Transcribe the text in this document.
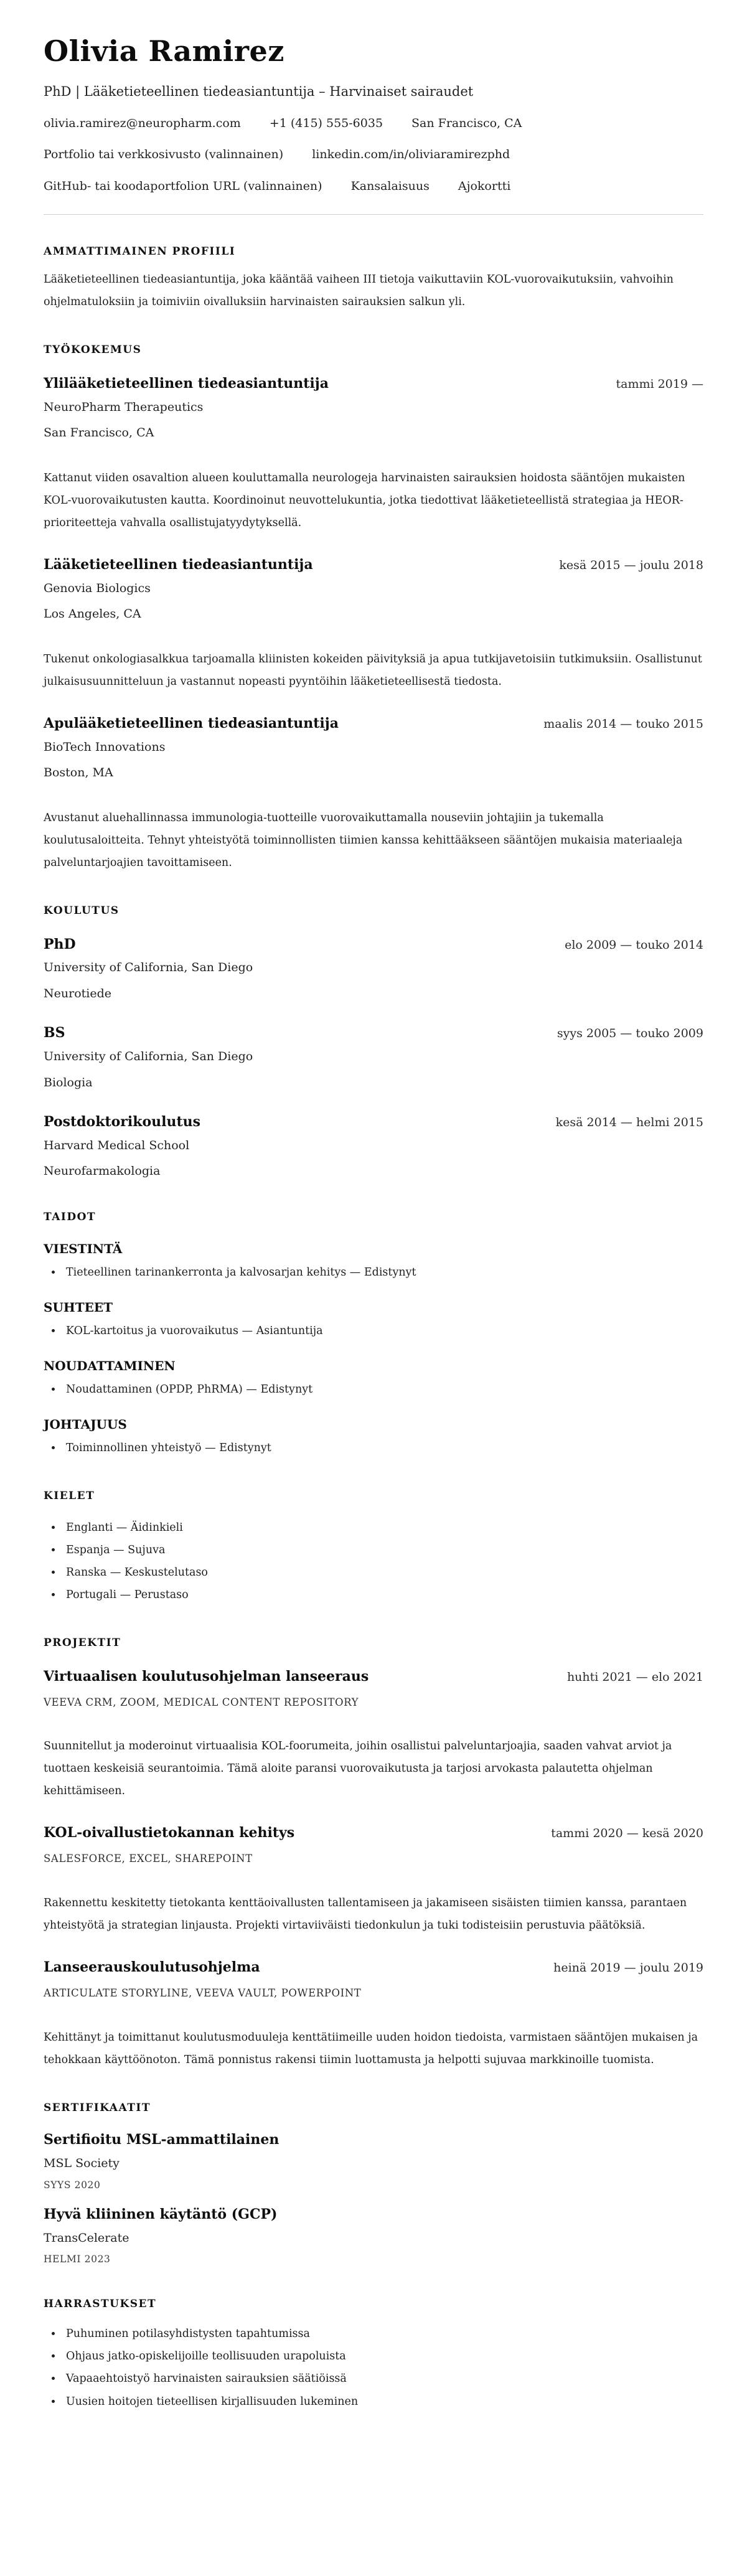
Olivia Ramirez
PhD | Lääketieteellinen tiedeasiantuntija – Harvinaiset sairaudet
olivia.ramirez@neuropharm.com +1 (415) 555-6035 San Francisco, CA
Portfolio tai verkkosivusto (valinnainen) linkedin.com/in/oliviaramirezphd
GitHub- tai koodaportfolion URL (valinnainen) Kansalaisuus Ajokortti
AMMATTIMAINEN PROFIILI

Lääketieteellinen tiedeasiantuntija, joka kääntää vaiheen III tietoja vaikuttaviin KOL-vuorovaikutuksiin, vahvoihin ohjelmatuloksiin ja toimiviin oivalluksiin harvinaisten sairauksien salkun yli.

TYÖKOKEMUS
Ylilääketieteellinen tiedeasiantuntija	tammi 2019 —
NeuroPharm Therapeutics
San Francisco, CA

Kattanut viiden osavaltion alueen kouluttamalla neurologeja harvinaisten sairauksien hoidosta sääntöjen mukaisten KOL-vuorovaikutusten kautta. Koordinoinut neuvottelukuntia, jotka tiedottivat lääketieteellistä strategiaa ja HEOR-prioriteetteja vahvalla osallistujatyydytyksellä.

Lääketieteellinen tiedeasiantuntija	kesä 2015 — joulu 2018
Genovia Biologics
Los Angeles, CA

Tukenut onkologiasalkkua tarjoamalla kliinisten kokeiden päivityksiä ja apua tutkijavetoisiin tutkimuksiin. Osallistunut julkaisusuunnitteluun ja vastannut nopeasti pyyntöihin lääketieteellisestä tiedosta.

Apulääketieteellinen tiedeasiantuntija	maalis 2014 — touko 2015
BioTech Innovations
Boston, MA

Avustanut aluehallinnassa immunologia-tuotteille vuorovaikuttamalla nouseviin johtajiin ja tukemalla koulutusaloitteita. Tehnyt yhteistyötä toiminnollisten tiimien kanssa kehittääkseen sääntöjen mukaisia materiaaleja palveluntarjoajien tavoittamiseen.

KOULUTUS
PhD	elo 2009 — touko 2014
University of California, San Diego
Neurotiede
BS	syys 2005 — touko 2009
University of California, San Diego
Biologia
Postdoktorikoulutus	kesä 2014 — helmi 2015
Harvard Medical School
Neurofarmakologia
TAIDOT
VIESTINTÄ
• Tieteellinen tarinankerronta ja kalvosarjan kehitys — Edistynyt
SUHTEET
• KOL-kartoitus ja vuorovaikutus — Asiantuntija
NOUDATTAMINEN
• Noudattaminen (OPDP, PhRMA) — Edistynyt
JOHTAJUUS
• Toiminnollinen yhteistyö — Edistynyt
KIELET
• Englanti — Äidinkieli
• Espanja — Sujuva
• Ranska — Keskustelutaso
• Portugali — Perustaso
PROJEKTIT
Virtuaalisen koulutusohjelman lanseeraus	huhti 2021 — elo 2021
VEEVA CRM, ZOOM, MEDICAL CONTENT REPOSITORY

Suunnitellut ja moderoinut virtuaalisia KOL-foorumeita, joihin osallistui palveluntarjoajia, saaden vahvat arviot ja tuottaen keskeisiä seurantoimia. Tämä aloite paransi vuorovaikutusta ja tarjosi arvokasta palautetta ohjelman kehittämiseen.

KOL-oivallustietokannan kehitys	tammi 2020 — kesä 2020
SALESFORCE, EXCEL, SHAREPOINT

Rakennettu keskitetty tietokanta kenttäoivallusten tallentamiseen ja jakamiseen sisäisten tiimien kanssa, parantaen yhteistyötä ja strategian linjausta. Projekti virtaviiväisti tiedonkulun ja tuki todisteisiin perustuvia päätöksiä.

Lanseerauskoulutusohjelma	heinä 2019 — joulu 2019
ARTICULATE STORYLINE, VEEVA VAULT, POWERPOINT

Kehittänyt ja toimittanut koulutusmoduuleja kenttätiimeille uuden hoidon tiedoista, varmistaen sääntöjen mukaisen ja tehokkaan käyttöönoton. Tämä ponnistus rakensi tiimin luottamusta ja helpotti sujuvaa markkinoille tuomista.

SERTIFIKAATIT
Sertifioitu MSL-ammattilainen
MSL Society
SYYS 2020
Hyvä kliininen käytäntö (GCP)
TransCelerate
HELMI 2023
HARRASTUKSET
• Puhuminen potilasyhdistysten tapahtumissa
• Ohjaus jatko-opiskelijoille teollisuuden urapoluista
• Vapaaehtoistyö harvinaisten sairauksien säätiöissä
• Uusien hoitojen tieteellisen kirjallisuuden lukeminen
